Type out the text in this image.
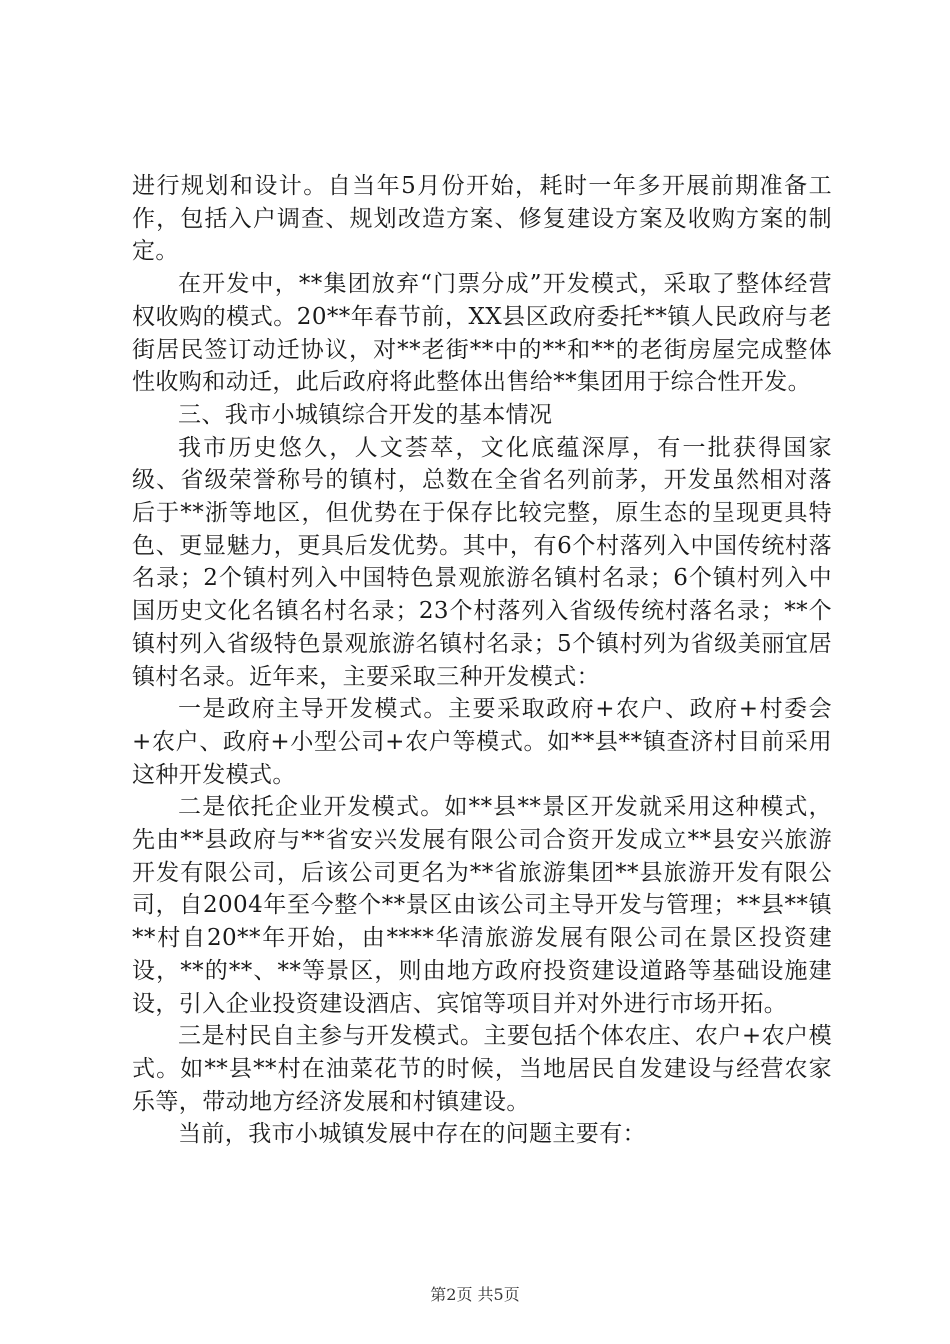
进行规划和设计。自当年5月份开始，耗时一年多开展前期准备工作，包括入户调查、规划改造方案、修复建设方案及收购方案的制定。

在开发中，**集团放弃“门票分成”开发模式，采取了整体经营权收购的模式。20**年春节前，XX县区政府委托**镇人民政府与老街居民签订动迁协议，对**老街**中的**和**的老街房屋完成整体性收购和动迁，此后政府将此整体出售给**集团用于综合性开发。

三、我市小城镇综合开发的基本情况

我市历史悠久，人文荟萃，文化底蕴深厚，有一批获得国家级、省级荣誉称号的镇村，总数在全省名列前茅，开发虽然相对落后于**浙等地区，但优势在于保存比较完整，原生态的呈现更具特色、更显魅力，更具后发优势。其中，有6个村落列入中国传统村落名录；2个镇村列入中国特色景观旅游名镇村名录；6个镇村列入中国历史文化名镇名村名录；23个村落列入省级传统村落名录；**个镇村列入省级特色景观旅游名镇村名录；5个镇村列为省级美丽宜居镇村名录。近年来，主要采取三种开发模式：

一是政府主导开发模式。主要采取政府+农户、政府+村委会+农户、政府+小型公司+农户等模式。如**县**镇查济村目前采用这种开发模式。

二是依托企业开发模式。如**县**景区开发就采用这种模式，先由**县政府与**省安兴发展有限公司合资开发成立**县安兴旅游开发有限公司，后该公司更名为**省旅游集团**县旅游开发有限公司，自2004年至今整个**景区由该公司主导开发与管理；**县**镇**村自20**年开始，由****华清旅游发展有限公司在景区投资建设，**的**、**等景区，则由地方政府投资建设道路等基础设施建设，引入企业投资建设酒店、宾馆等项目并对外进行市场开拓。

三是村民自主参与开发模式。主要包括个体农庄、农户+农户模式。如**县**村在油菜花节的时候，当地居民自发建设与经营农家乐等，带动地方经济发展和村镇建设。

当前，我市小城镇发展中存在的问题主要有：

第2页 共5页
